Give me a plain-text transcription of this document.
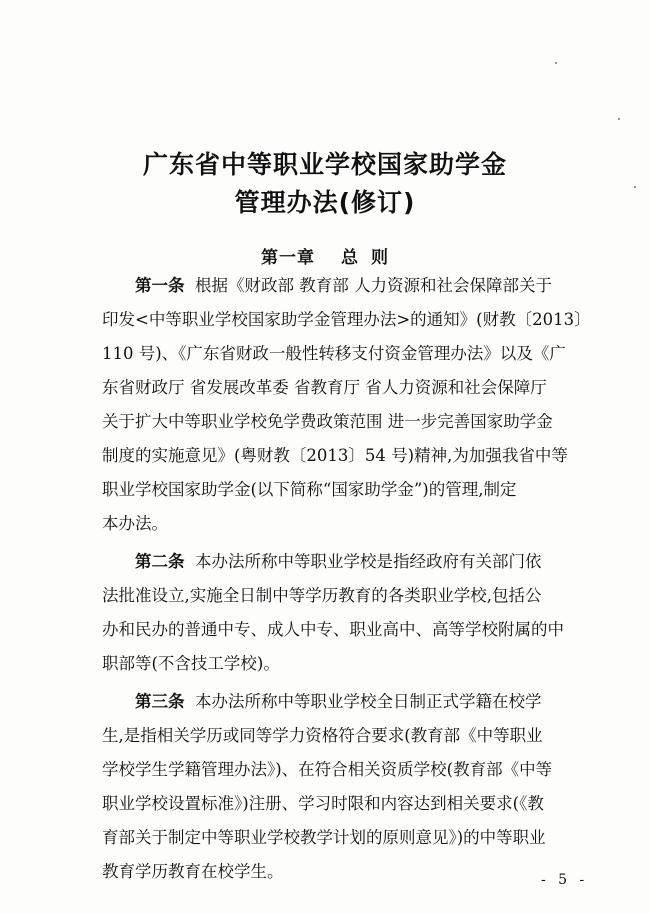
广东省中等职业学校国家助学金
管理办法(修订)
第一章 总 则
第一条 根据《财政部 教育部 人力资源和社会保障部关于
印发<中等职业学校国家助学金管理办法>的通知》(财教〔2013〕
110 号)、《广东省财政一般性转移支付资金管理办法》以及《广
东省财政厅 省发展改革委 省教育厅 省人力资源和社会保障厅
关于扩大中等职业学校免学费政策范围 进一步完善国家助学金
制度的实施意见》(粤财教〔2013〕54 号)精神,为加强我省中等
职业学校国家助学金(以下简称“国家助学金”)的管理,制定
本办法。
第二条 本办法所称中等职业学校是指经政府有关部门依
法批准设立,实施全日制中等学历教育的各类职业学校,包括公
办和民办的普通中专、成人中专、职业高中、高等学校附属的中
职部等(不含技工学校)。
第三条 本办法所称中等职业学校全日制正式学籍在校学
生,是指相关学历或同等学力资格符合要求(教育部《中等职业
学校学生学籍管理办法》)、在符合相关资质学校(教育部《中等
职业学校设置标准》)注册、学习时限和内容达到相关要求(《教
育部关于制定中等职业学校教学计划的原则意见》)的中等职业
教育学历教育在校学生。	- 5 -
